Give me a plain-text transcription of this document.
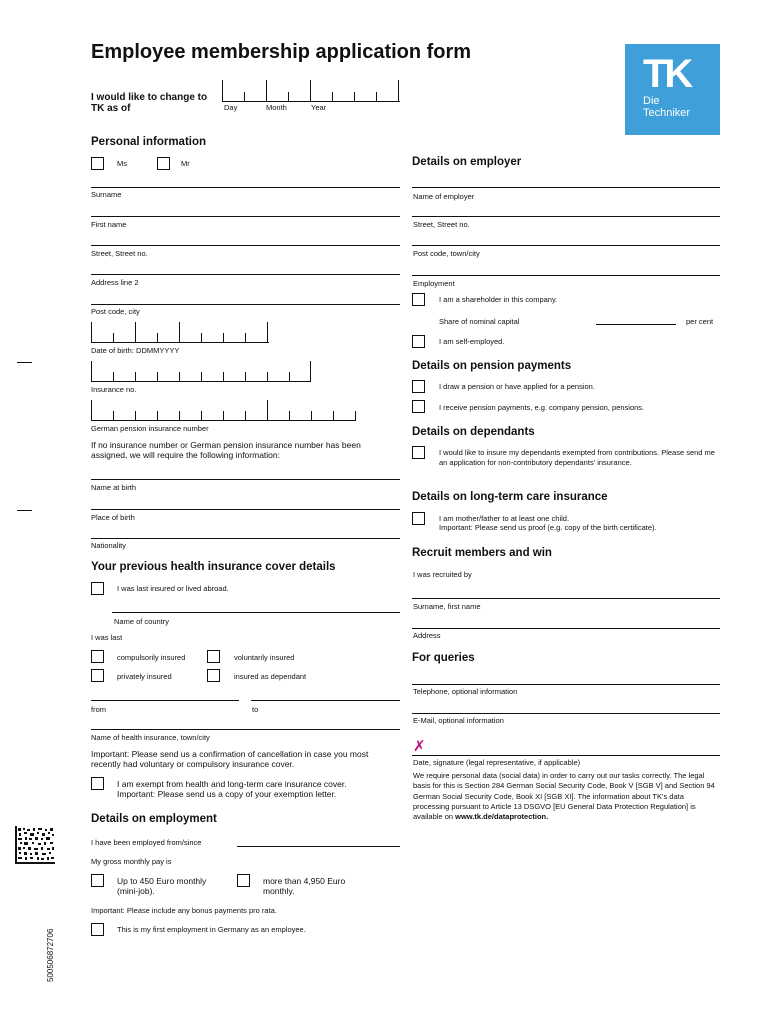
Employee membership application form	TK
Die
Techniker
I would like to change to TK as of	Day	Month	Year
Personal information
Ms	Mr
Surname
First name
Street, Street no.
Address line 2
Post code, city
Date of birth: DDMMYYYY
Insurance no.
German pension insurance number
If no insurance number or German pension insurance number has been assigned, we will require the following information:
Name at birth
Place of birth
Nationality
Your previous health insurance cover details
I was last insured or lived abroad.
Name of country
I was last
compulsorily insured	voluntarily insured
privately insured	insured as dependant
from	to
Name of health insurance, town/city
Important: Please send us a confirmation of cancellation in case you most recently had voluntary or compulsory insurance cover.
I am exempt from health and long-term care insurance cover.
Important: Please send us a copy of your exemption letter.
Details on employment
I have been employed from/since
My gross monthly pay is
Up to 450 Euro monthly (mini-job).
more than 4,950 Euro monthly.
Important: Please include any bonus payments pro rata.
This is my first employment in Germany as an employee.
Details on employer
Name of employer
Street, Street no.
Post code, town/city
Employment
I am a shareholder in this company.
Share of nominal capital	per cent
I am self-employed.
Details on pension payments
I draw a pension or have applied for a pension.
I receive pension payments, e.g. company pension, pensions.
Details on dependants
I would like to insure my dependants exempted from contributions. Please send me an application for non-contributory dependants' insurance.
Details on long-term care insurance
I am mother/father to at least one child.
Important: Please send us proof (e.g. copy of the birth certificate).
Recruit members and win
I was recruited by
Surname, first name
Address
For queries
Telephone, optional information
E-Mail, optional information
✗
Date, signature (legal representative, if applicable)
We require personal data (social data) in order to carry out our tasks correctly. The legal basis for this is Section 284 German Social Security Code, Book V [SGB V] and Section 94 German Social Security Code, Book XI [SGB XI]. The information about TK's data processing pursuant to Article 13 DSGVO [EU General Data Protection Regulation] is available on www.tk.de/dataprotection.
500506872706
